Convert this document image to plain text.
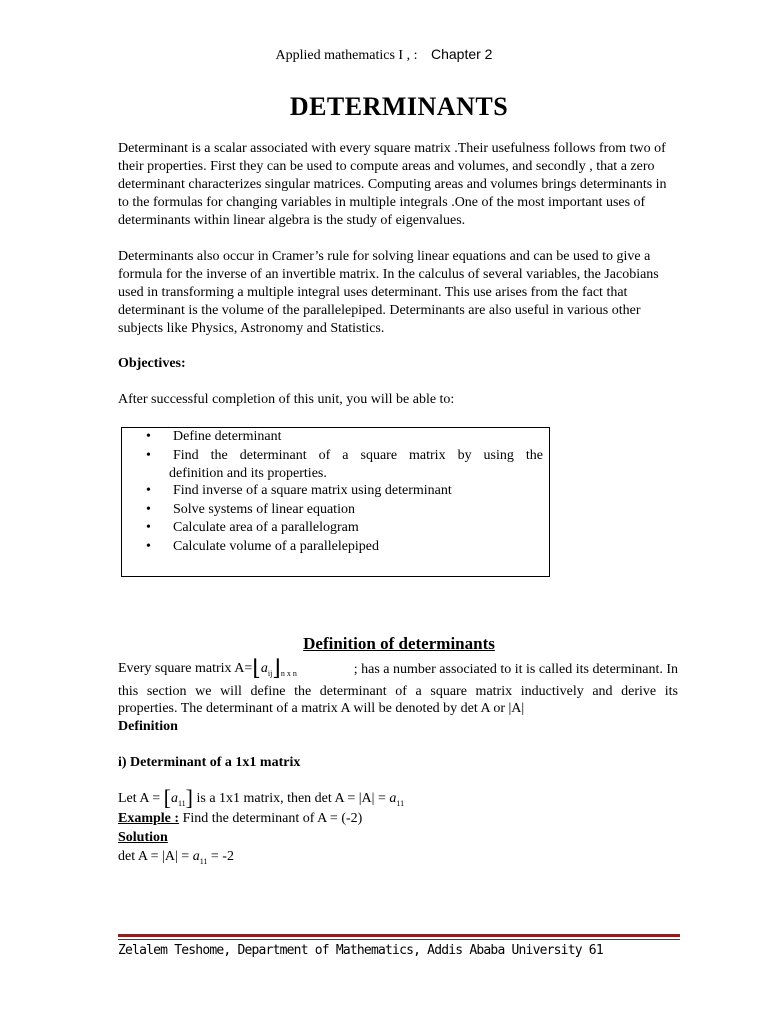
Applied mathematics I , : Chapter 2
DETERMINANTS
Determinant is a scalar associated with every square matrix .Their usefulness follows from two of their properties. First they can be used to compute areas and volumes, and secondly , that a zero determinant characterizes singular matrices. Computing areas and volumes brings determinants in to the formulas for changing variables in multiple integrals .One of the most important uses of determinants within linear algebra is the study of eigenvalues.
Determinants also occur in Cramer’s rule for solving linear equations and can be used to give a formula for the inverse of an invertible matrix. In the calculus of several variables, the Jacobians used in transforming a multiple integral uses determinant. This use arises from the fact that determinant is the volume of the parallelepiped. Determinants are also useful in various other subjects like Physics, Astronomy and Statistics.
Objectives:
After successful completion of this unit, you will be able to:
• Define determinant
• Find the determinant of a square matrix by using the
definition and its properties.
• Find inverse of a square matrix using determinant
• Solve systems of linear equation
• Calculate area of a parallelogram
• Calculate volume of a parallelepiped
Definition of determinants
Every square matrix $A=⌊a_{ij}⌋_{n x n}$	; has a number associated to it is called its determinant. In
this section we will define the determinant of a square matrix inductively and derive its
properties. The determinant of a matrix A will be denoted by det A or |A|
Definition
i) Determinant of a 1x1 matrix
Let $A = [a_{11}]$ is a 1x1 matrix, then $\det A = |A| = a_{11}$
Example : Find the determinant of A = (-2)
Solution
$\det A = |A| = a_{11} = -2$
Zelalem Teshome, Department of Mathematics, Addis Ababa University 61
